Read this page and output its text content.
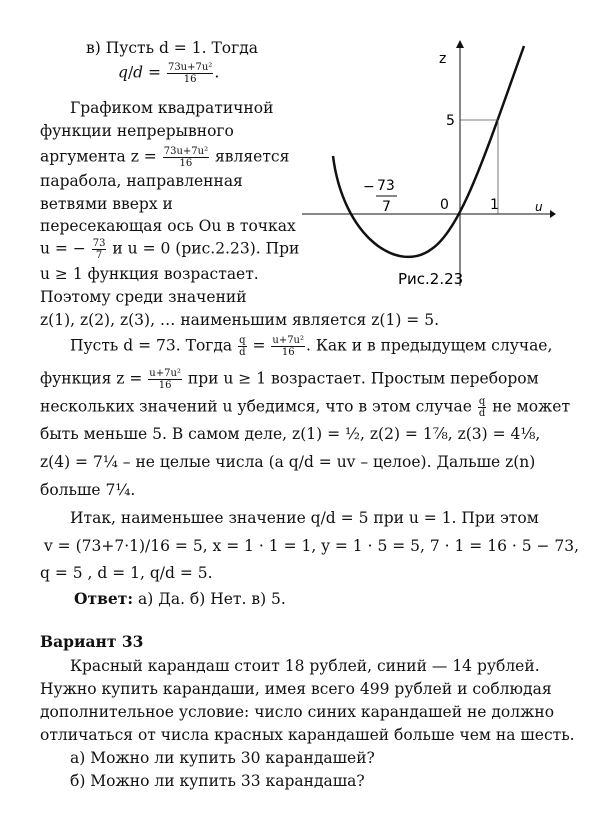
в) Пусть d = 1. Тогда
$q/d = \frac{\text{73u+7u²}}{16}$ .
Графиком квадратичной
функции непрерывного
аргумента $z = \frac{\text{73u+7u²}}{16}$ является
парабола, направленная
ветвями вверх и
пересекающая ось Ou в точках
u = − $\frac{73}{7}$ и u = 0 (рис.2.23). При
u ≥ 1 функция возрастает.
Поэтому среди значений
z(1), z(2), z(3), … наименьшим является z(1) = 5.
Пусть d = 73. Тогда $\frac{q}{d} = \frac{\text{u+7u²}}{16}$ . Как и в предыдущем случае,
функция $z = \frac{\text{u+7u²}}{16}$ при u ≥ 1 возрастает. Простым перебором
нескольких значений u убедимся, что в этом случае $\frac{q}{d}$ не может
быть меньше 5. В самом деле, z(1) = ½, z(2) = 1⅞, z(3) = 4⅛,
z(4) = 7¼ – не целые числа (а q/d = uv – целое). Дальше z(n)
больше 7¼.
Итак, наименьшее значение q/d = 5 при u = 1. При этом
v = (73+7·1)/16 = 5, x = 1 · 1 = 1, y = 1 · 5 = 5, 7 · 1 = 16 · 5 − 73,
q = 5 , d = 1, q/d = 5.
Ответ: а) Да. б) Нет. в) 5.
Вариант 33
Красный карандаш стоит 18 рублей, синий — 14 рублей.
Нужно купить карандаши, имея всего 499 рублей и соблюдая
дополнительное условие: число синих карандашей не должно
отличаться от числа красных карандашей больше чем на шесть.
а) Можно ли купить 30 карандашей?
б) Можно ли купить 33 карандаша?
z
u
5
0	1
− 73
7
Рис.2.23
